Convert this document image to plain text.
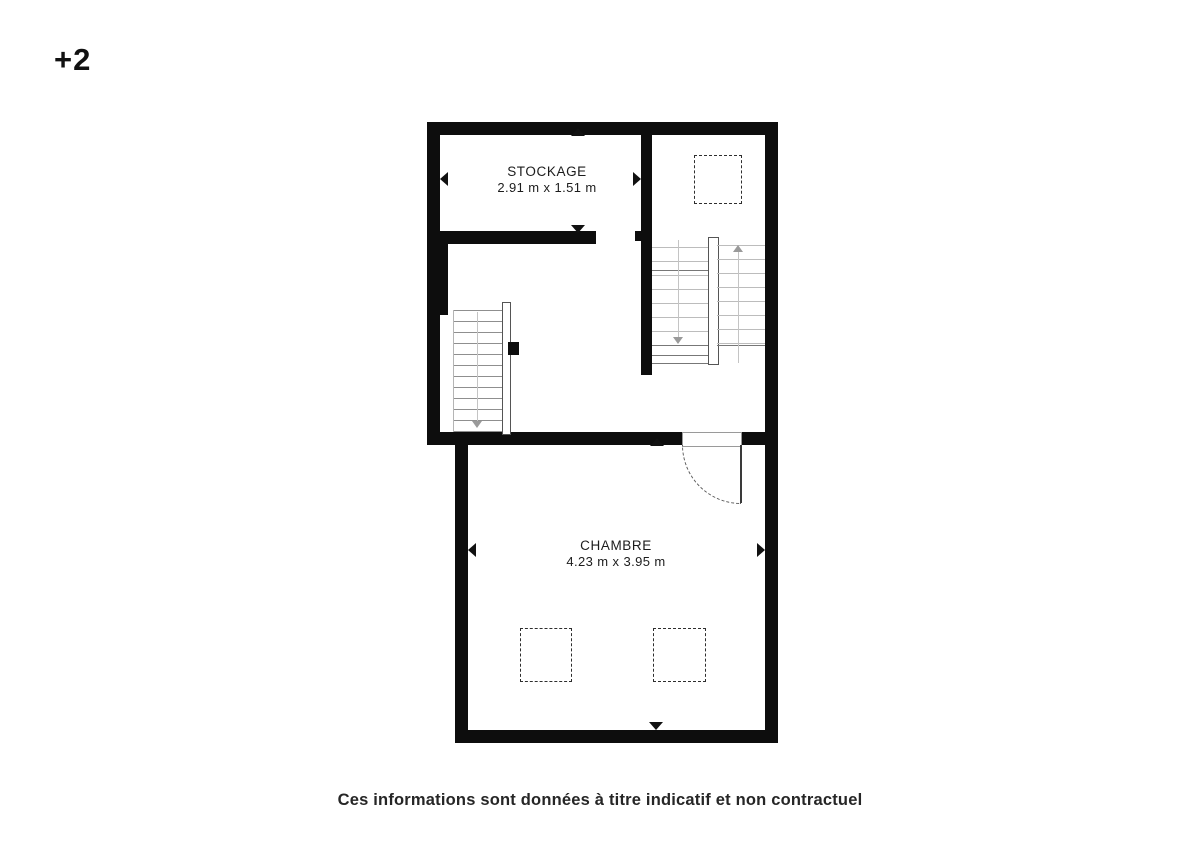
+2
STOCKAGE
2.91 m x 1.51 m
CHAMBRE
4.23 m x 3.95 m
Ces informations sont données à titre indicatif et non contractuel
